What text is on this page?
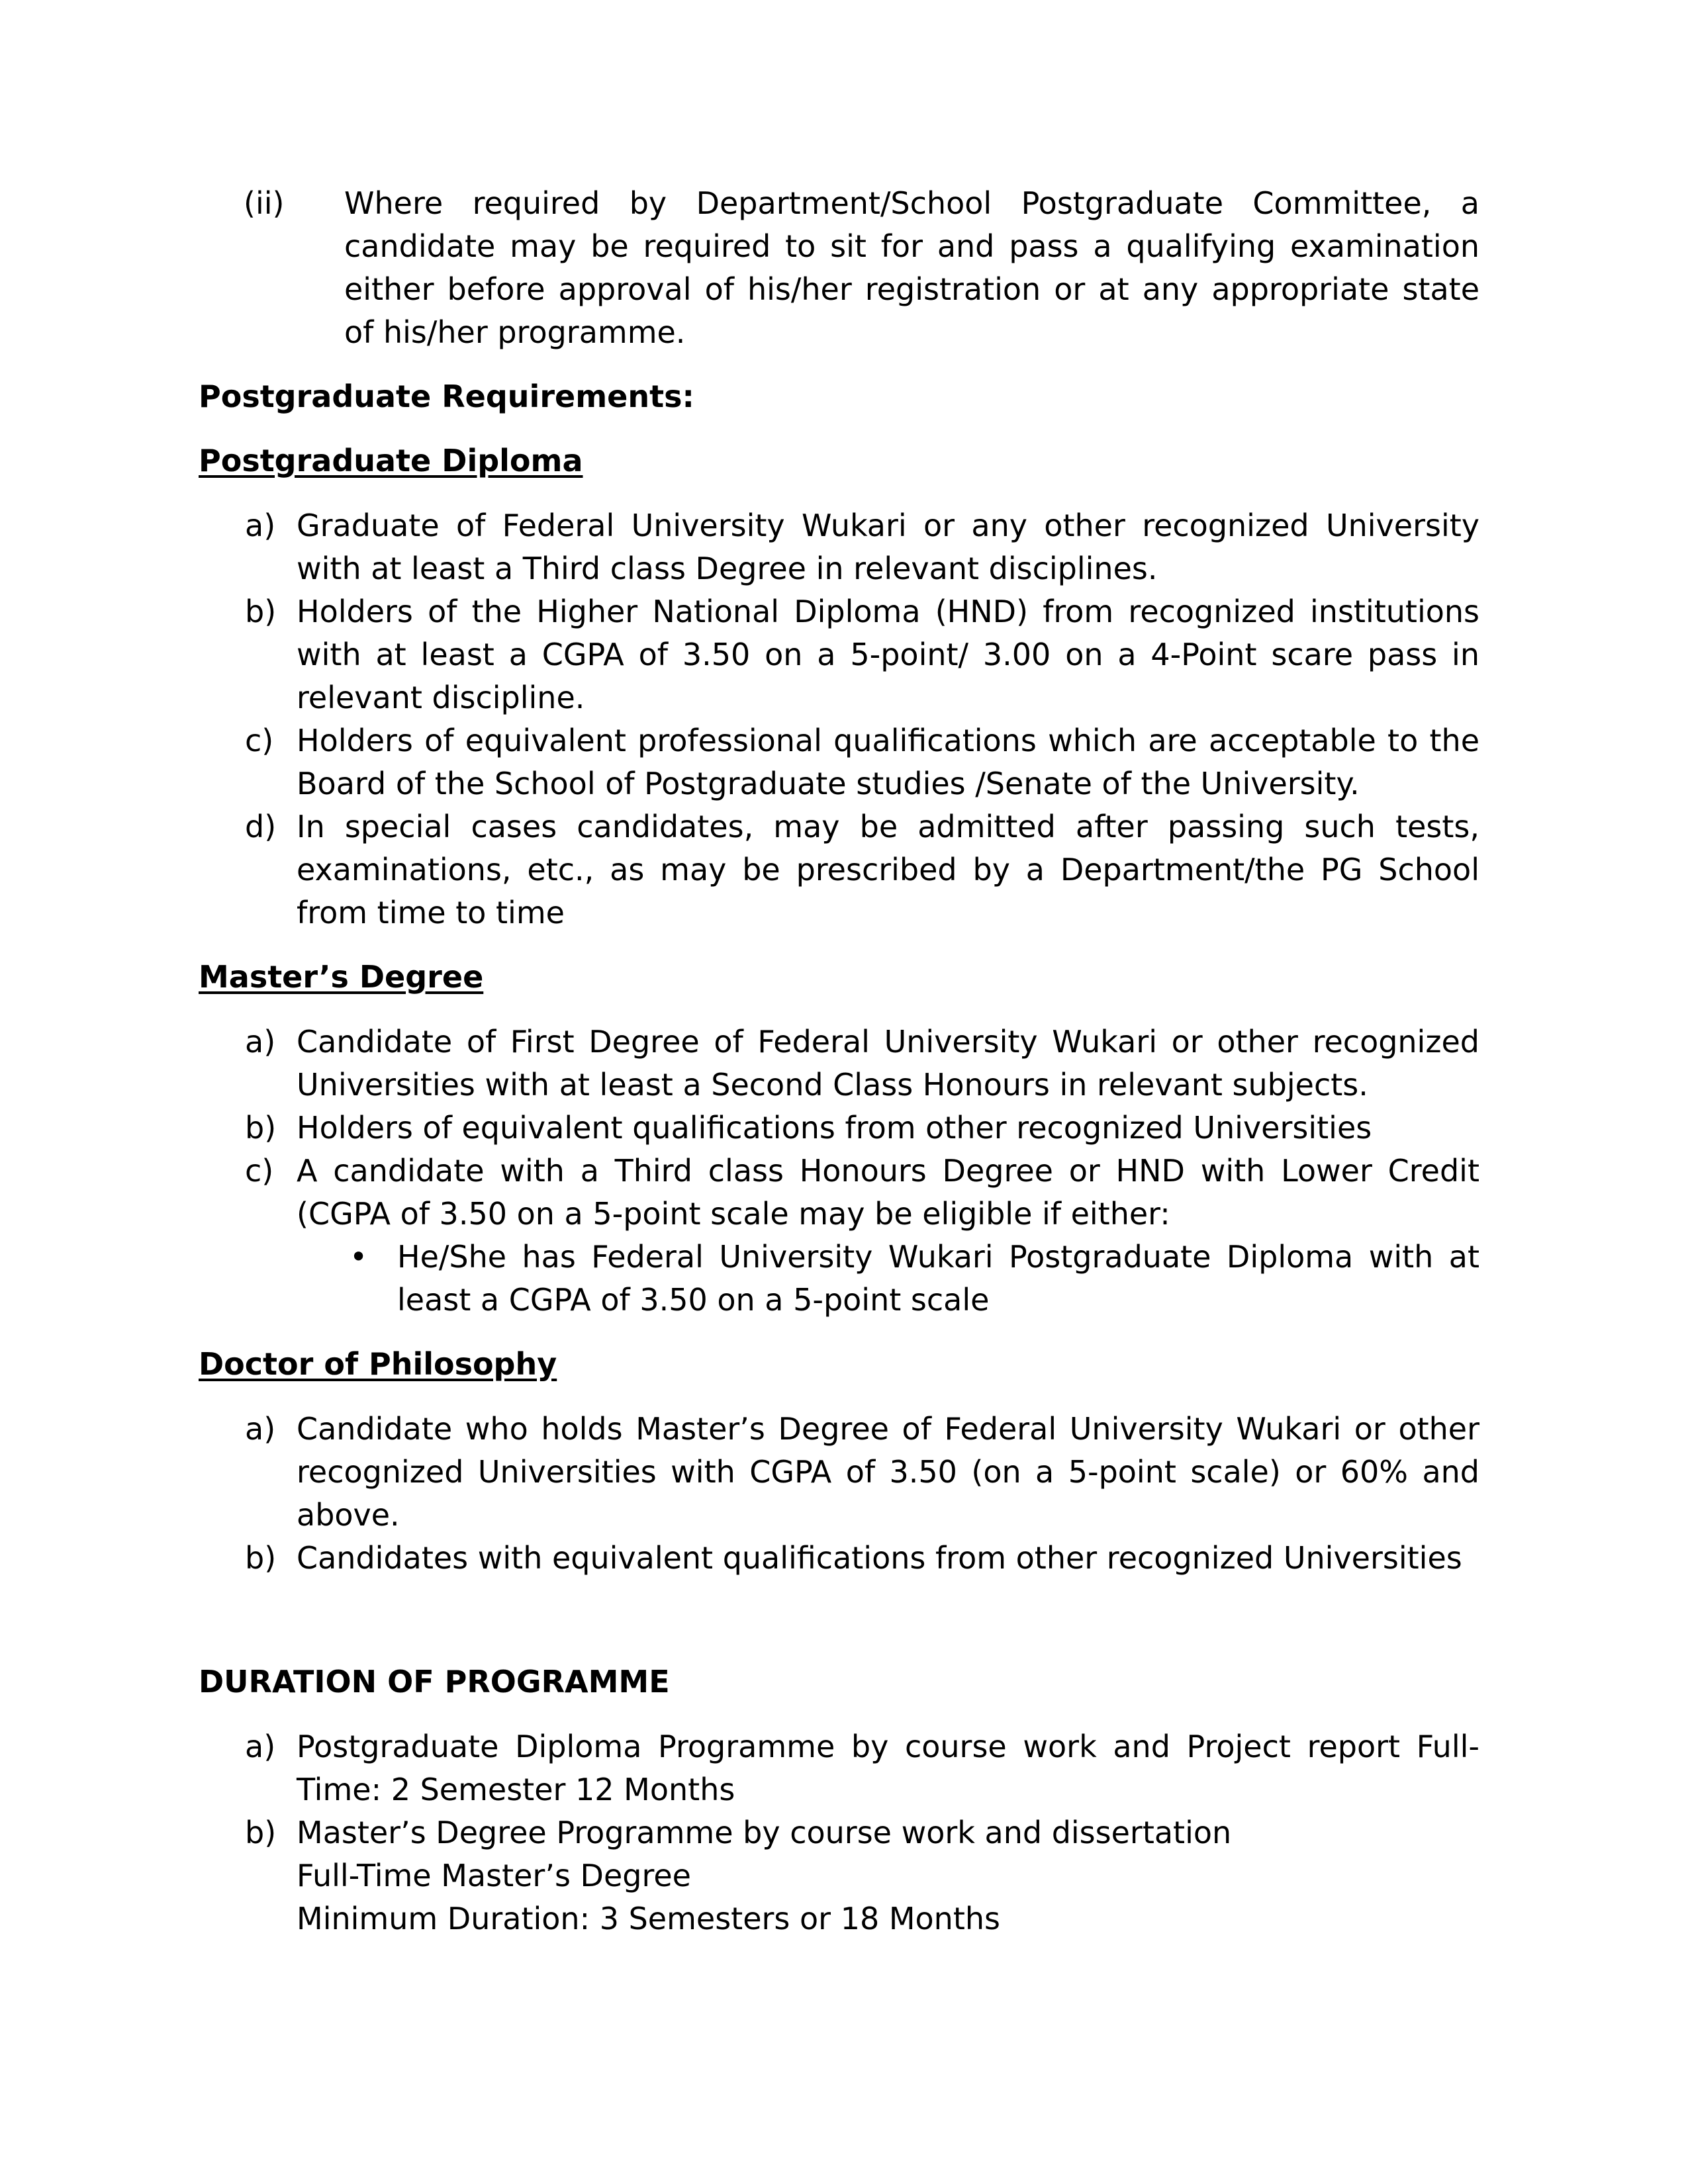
(ii) Where required by Department/School Postgraduate Committee, a candidate may be required to sit for and pass a qualifying examination either before approval of his/her registration or at any appropriate state of his/her programme.
Postgraduate Requirements:
Postgraduate Diploma
a) Graduate of Federal University Wukari or any other recognized University with at least a Third class Degree in relevant disciplines.
b) Holders of the Higher National Diploma (HND) from recognized institutions with at least a CGPA of 3.50 on a 5-point/ 3.00 on a 4-Point scare pass in relevant discipline.
c) Holders of equivalent professional qualifications which are acceptable to the Board of the School of Postgraduate studies /Senate of the University.
d) In special cases candidates, may be admitted after passing such tests, examinations, etc., as may be prescribed by a Department/the PG School from time to time
Master’s Degree
a) Candidate of First Degree of Federal University Wukari or other recognized Universities with at least a Second Class Honours in relevant subjects.
b) Holders of equivalent qualifications from other recognized Universities
c) A candidate with a Third class Honours Degree or HND with Lower Credit (CGPA of 3.50 on a 5-point scale may be eligible if either:
• He/She has Federal University Wukari Postgraduate Diploma with at least a CGPA of 3.50 on a 5-point scale
Doctor of Philosophy
a) Candidate who holds Master’s Degree of Federal University Wukari or other recognized Universities with CGPA of 3.50 (on a 5-point scale) or 60% and above.
b) Candidates with equivalent qualifications from other recognized Universities
DURATION OF PROGRAMME
a) Postgraduate Diploma Programme by course work and Project report Full-Time: 2 Semester 12 Months
b) Master’s Degree Programme by course work and dissertation
Full-Time Master’s Degree
Minimum Duration: 3 Semesters or 18 Months
